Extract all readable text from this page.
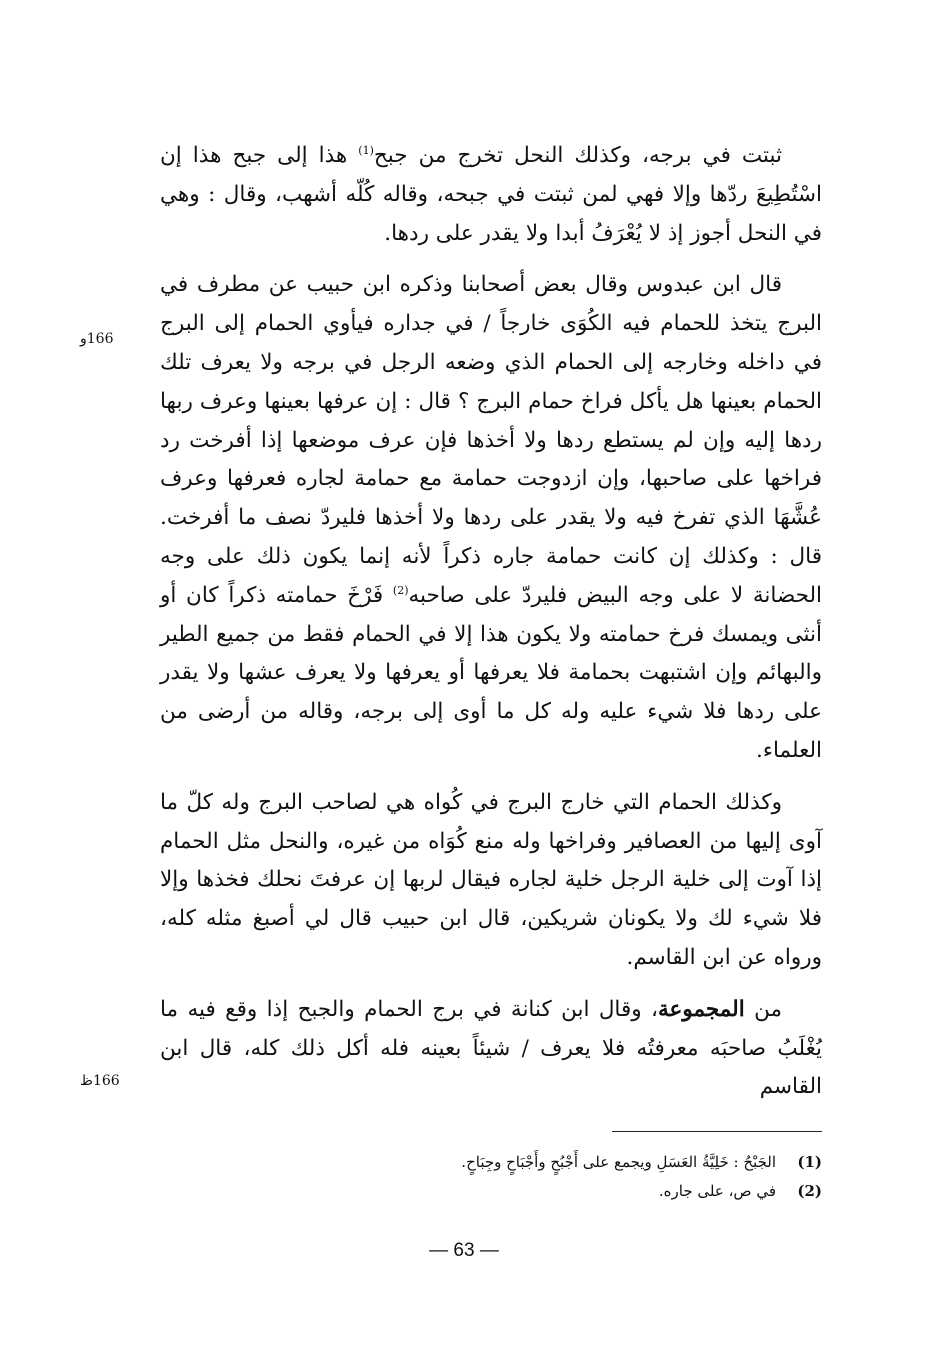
ثبتت في برجه، وكذلك النحل تخرج من جبح$^{(1)}$ هذا إلى جبح هذا إن اسْتُطِيعَ ردّها وإلا فهي لمن ثبتت في جبحه، وقاله كُلّه أشهب، وقال : وهي في النحل أجوز إذ لا يُعْرَفُ أبدا ولا يقدر على ردها.

قال ابن عبدوس وقال بعض أصحابنا وذكره ابن حبيب عن مطرف في البرج يتخذ للحمام فيه الكُوَى خارجاً / في جداره فيأوي الحمام إلى البرج في داخله وخارجه إلى الحمام الذي وضعه الرجل في برجه ولا يعرف تلك الحمام بعينها هل يأكل فراخ حمام البرج ؟ قال : إن عرفها بعينها وعرف ربها ردها إليه وإن لم يستطع ردها ولا أخذها فإن عرف موضعها إذا أفرخت رد فراخها على صاحبها، وإن ازدوجت حمامة مع حمامة لجاره فعرفها وعرف عُشَّهَا الذي تفرخ فيه ولا يقدر على ردها ولا أخذها فليردّ نصف ما أفرخت. قال : وكذلك إن كانت حمامة جاره ذكراً لأنه إنما يكون ذلك على وجه الحضانة لا على وجه البيض فليردّ على صاحبه$^{(2)}$ فَرْخَ حمامته ذكراً كان أو أنثى ويمسك فرخ حمامته ولا يكون هذا إلا في الحمام فقط من جميع الطير والبهائم وإن اشتبهت بحمامة فلا يعرفها أو يعرفها ولا يعرف عشها ولا يقدر على ردها فلا شيء عليه وله كل ما أوى إلى برجه، وقاله من أرضى من العلماء.

وكذلك الحمام التي خارج البرج في كُواه هي لصاحب البرج وله كلّ ما آوى إليها من العصافير وفراخها وله منع كُوَاه من غيره، والنحل مثل الحمام إذا آوت إلى خلية الرجل خلية لجاره فيقال لربها إن عرفتَ نحلك فخذها وإلا فلا شيء لك ولا يكونان شريكين، قال ابن حبيب قال لي أصبغ مثله كله، ورواه عن ابن القاسم.

من المجموعة، وقال ابن كنانة في برج الحمام والجبح إذا وقع فيه ما يُغْلَبُ صاحبَه معرفتُه فلا يعرف / شيئاً بعينه فله أكل ذلك كله، قال ابن القاسم

166و
166ظ
(1)الجَبْحُ : خَلِيَّةُ العَسَلِ ويجمع على أَجْبُحٍ وأَجْبَاحٍ وجِبَاحٍ.
(2)في ص، على جاره.
— 63 —
